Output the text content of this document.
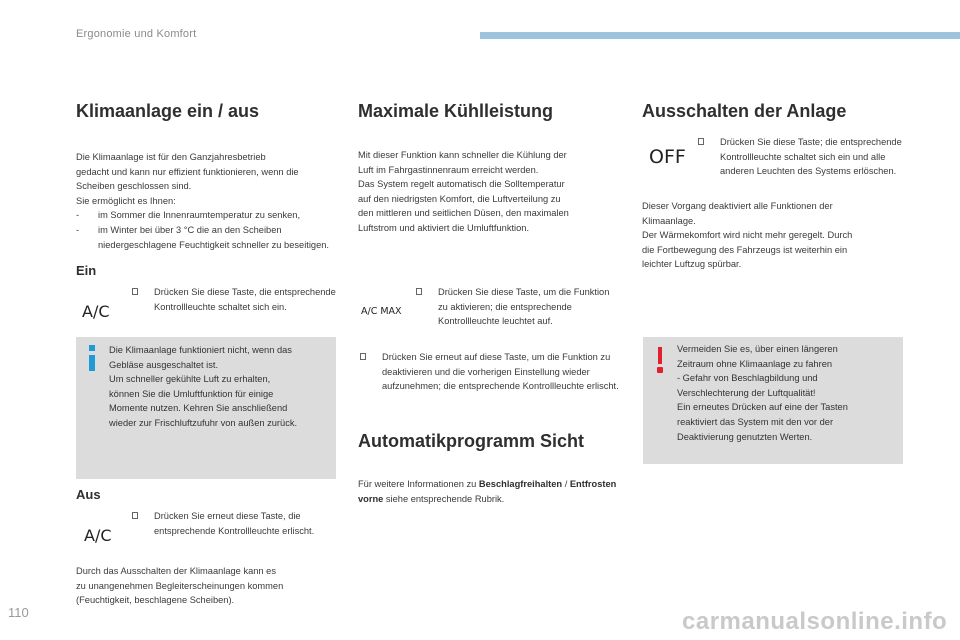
Ergonomie und Komfort
Klimaanlage ein / aus

Die Klimaanlage ist für den Ganzjahresbetrieb

gedacht und kann nur effizient funktionieren, wenn die

Scheiben geschlossen sind.

Sie ermöglicht es Ihnen:

- im Sommer die Innenraumtemperatur zu senken,
- im Winter bei über 3 °C die an den Scheiben niedergeschlagene Feuchtigkeit schneller zu beseitigen.
Ein
A/C
Drücken Sie diese Taste, die entsprechende Kontrollleuchte schaltet sich ein.

Die Klimaanlage funktioniert nicht, wenn das

Gebläse ausgeschaltet ist.

Um schneller gekühlte Luft zu erhalten,

können Sie die Umluftfunktion für einige

Momente nutzen. Kehren Sie anschließend

wieder zur Frischluftzufuhr von außen zurück.

Aus
A/C
Drücken Sie erneut diese Taste, die entsprechende Kontrollleuchte erlischt.

Durch das Ausschalten der Klimaanlage kann es

zu unangenehmen Begleiterscheinungen kommen

(Feuchtigkeit, beschlagene Scheiben).

Maximale Kühlleistung

Mit dieser Funktion kann schneller die Kühlung der

Luft im Fahrgastinnenraum erreicht werden.

Das System regelt automatisch die Solltemperatur

auf den niedrigsten Komfort, die Luftverteilung zu

den mittleren und seitlichen Düsen, den maximalen

Luftstrom und aktiviert die Umluftfunktion.

A/C MAX
Drücken Sie diese Taste, um die Funktion zu aktivieren; die entsprechende Kontrollleuchte leuchtet auf.
Drücken Sie erneut auf diese Taste, um die Funktion zu deaktivieren und die vorherigen Einstellung wieder aufzunehmen; die entsprechende Kontrollleuchte erlischt.
Automatikprogramm Sicht
Für weitere Informationen zu Beschlagfreihalten / Entfrosten vorne siehe entsprechende Rubrik.
Ausschalten der Anlage
OFF
Drücken Sie diese Taste; die entsprechende Kontrollleuchte schaltet sich ein und alle anderen Leuchten des Systems erlöschen.

Dieser Vorgang deaktiviert alle Funktionen der

Klimaanlage.

Der Wärmekomfort wird nicht mehr geregelt. Durch

die Fortbewegung des Fahrzeugs ist weiterhin ein

leichter Luftzug spürbar.

Vermeiden Sie es, über einen längeren

Zeitraum ohne Klimaanlage zu fahren

- Gefahr von Beschlagbildung und

Verschlechterung der Luftqualität!

Ein erneutes Drücken auf eine der Tasten

reaktiviert das System mit den vor der

Deaktivierung genutzten Werten.

110	carmanualsonline.info
